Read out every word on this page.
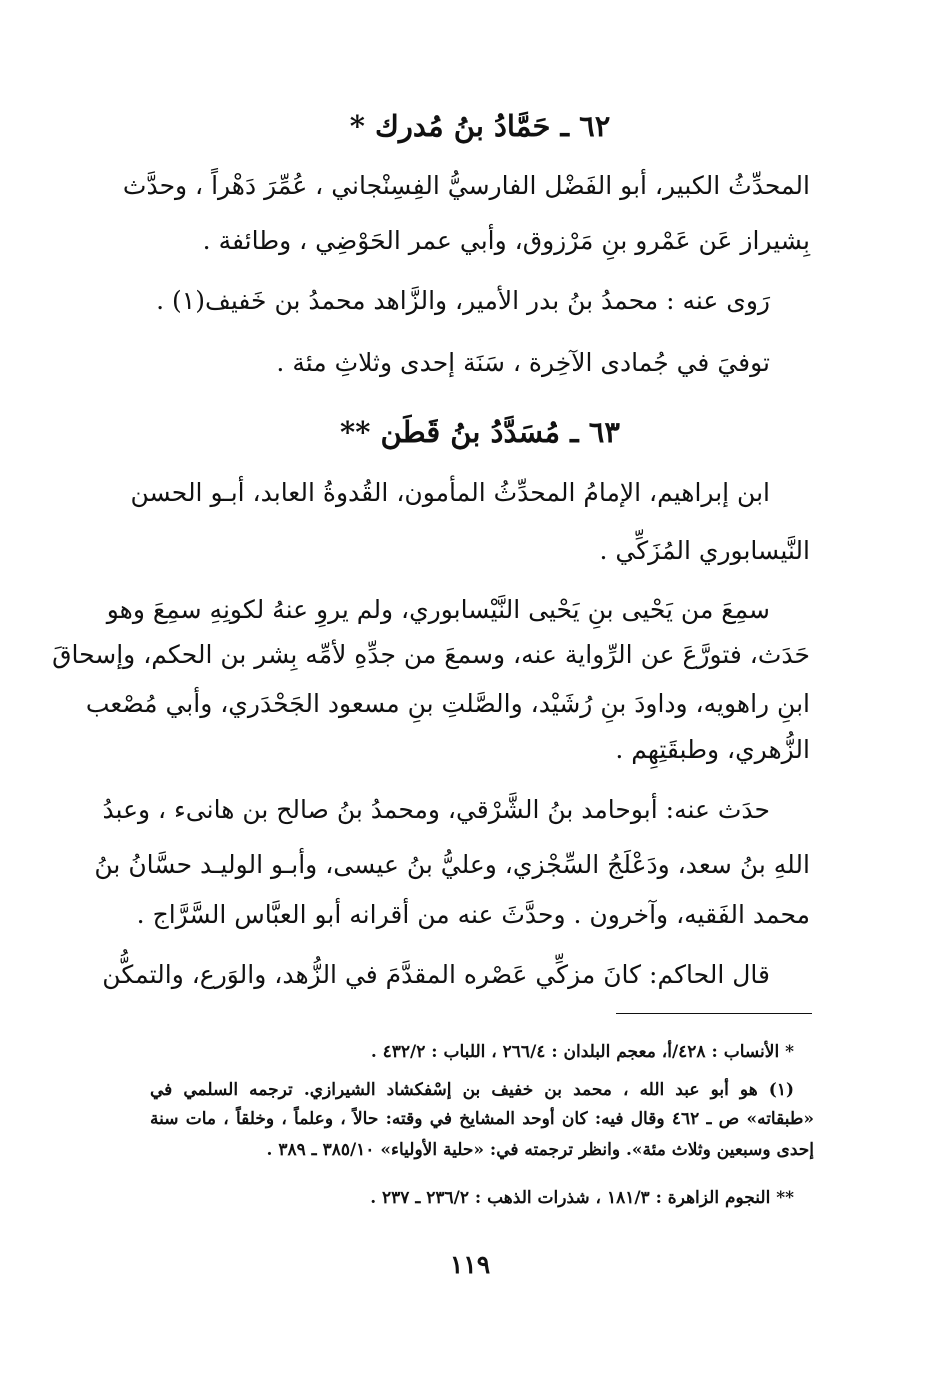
٦٢ ـ حَمَّادُ بنُ مُدرك *
المحدِّثُ الكبير، أبو الفَضْل الفارسيُّ الفِسِنْجاني ، عُمِّرَ دَهْراً ، وحدَّث
بِشيراز عَن عَمْرو بنِ مَرْزوق، وأبي عمر الحَوْضِي ، وطائفة .
رَوى عنه : محمدُ بنُ بدر الأمير، والزَّاهد محمدُ بن خَفيف(١) .
توفيَ في جُمادى الآخِرة ، سَنَة إحدى وثلاثِ مئة .
٦٣ ـ مُسَدَّدُ بنُ قَطَن **
ابن إبراهيم، الإمامُ المحدِّثُ المأمون، القُدوةُ العابد، أبـو الحسن
النَّيسابوري المُزَكِّي .
سمِعَ من يَحْيى بنِ يَحْيى النَّيْسابوري، ولم يروِ عنهُ لكونِهِ سمِعَ وهو
حَدَث، فتورَّعَ عن الرِّواية عنه، وسمعَ من جدِّهِ لأمِّه بِشر بن الحكم، وإسحاقَ
ابنِ راهويه، وداودَ بنِ رُشَيْد، والصَّلتِ بنِ مسعود الجَحْدَري، وأبي مُصْعب
الزُّهري، وطبقَتِهِم .
حدَث عنه: أبوحامد بنُ الشَّرْقي، ومحمدُ بنُ صالح بن هانىء ، وعبدُ
اللهِ بنُ سعد، ودَعْلَجُ السِّجْزي، وعليُّ بنُ عيسى، وأبـو الوليـد حسَّانُ بنُ
محمد الفَقيه، وآخرون . وحدَّثَ عنه من أقرانه أبو العبَّاس السَّرَّاج .
قال الحاكم: كانَ مزكِّي عَصْره المقدَّمَ في الزُّهد، والوَرع، والتمكُّن
* الأنساب : ٤٢٨/أ، معجم البلدان : ٢٦٦/٤ ، اللباب : ٤٣٢/٢ .
(١) هو أبو عبد الله ، محمد بن خفيف بن إسْفكشاد الشيرازي. ترجمه السلمي في
«طبقاته» ص ـ ٤٦٢ وقال فيه: كان أوحد المشايخ في وقته: حالاً ، وعلماً ، وخلقاً ، مات سنة
إحدى وسبعين وثلاث مئة». وانظر ترجمته في: «حلية الأولياء» ٣٨٥/١٠ ـ ٣٨٩ .
** النجوم الزاهرة : ١٨١/٣ ، شذرات الذهب : ٢٣٦/٢ ـ ٢٣٧ .
١١٩
